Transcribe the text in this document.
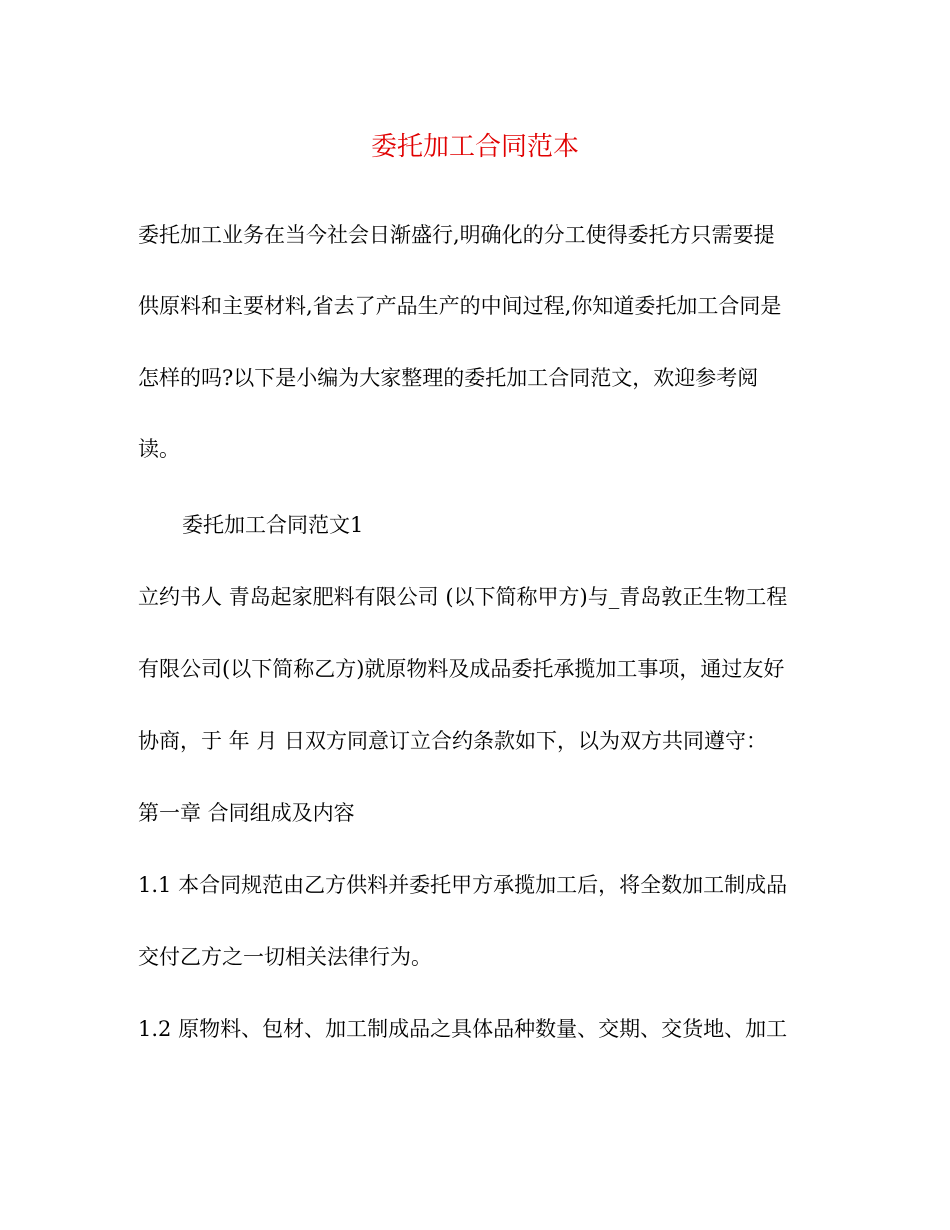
委托加工合同范本
委托加工业务在当今社会日渐盛行,明确化的分工使得委托方只需要提
供原料和主要材料,省去了产品生产的中间过程,你知道委托加工合同是
怎样的吗?以下是小编为大家整理的委托加工合同范文，欢迎参考阅
读。
委托加工合同范文1
立约书人 青岛起家肥料有限公司 (以下简称甲方)与_青岛敦正生物工程
有限公司(以下简称乙方)就原物料及成品委托承揽加工事项，通过友好
协商，于 年 月 日双方同意订立合约条款如下，以为双方共同遵守：
第一章 合同组成及内容
1.1 本合同规范由乙方供料并委托甲方承揽加工后，将全数加工制成品
交付乙方之一切相关法律行为。
1.2 原物料、包材、加工制成品之具体品种数量、交期、交货地、加工
